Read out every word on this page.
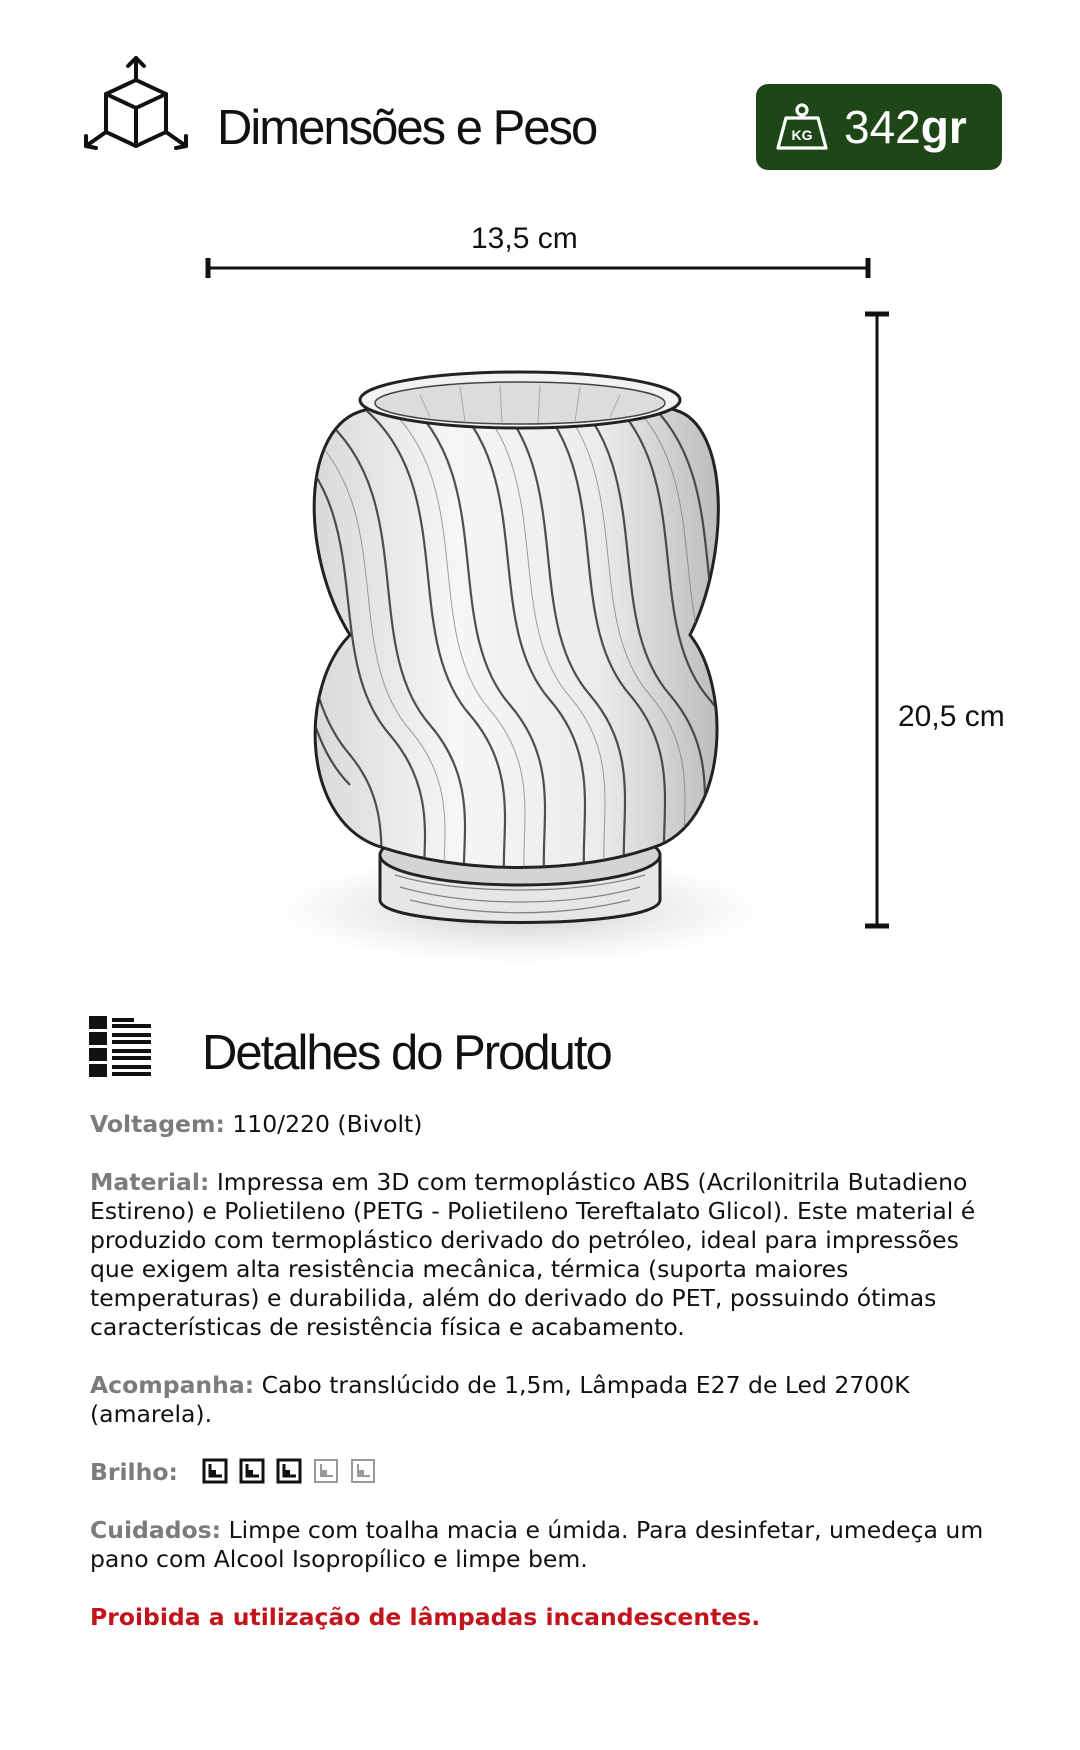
Dimensões e Peso	KG 342gr
13,5 cm
20,5 cm
Detalhes do Produto

Voltagem: 110/220 (Bivolt)

Material: Impressa em 3D com termoplástico ABS (Acrilonitrila Butadieno Estireno) e Polietileno (PETG - Polietileno Tereftalato Glicol). Este material é produzido com termoplástico derivado do petróleo, ideal para impressões que exigem alta resistência mecânica, térmica (suporta maiores temperaturas) e durabilida, além do derivado do PET, possuindo ótimas características de resistência física e acabamento.

Acompanha: Cabo translúcido de 1,5m, Lâmpada E27 de Led 2700K (amarela).

Brilho:

Cuidados: Limpe com toalha macia e úmida. Para desinfetar, umedeça um pano com Alcool Isopropílico e limpe bem.

Proibida a utilização de lâmpadas incandescentes.
